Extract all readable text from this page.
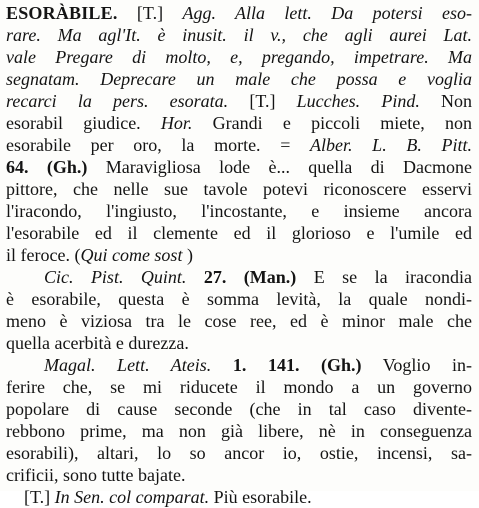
ESORÀBILE. [T.] Agg. Alla lett. Da potersi eso-
rare. Ma agl'It. è inusit. il v., che agli aurei Lat.
vale Pregare di molto, e, pregando, impetrare. Ma
segnatam. Deprecare un male che possa e voglia
recarci la pers. esorata. [T.] Lucches. Pind. Non
esorabil giudice. Hor. Grandi e piccoli miete, non
esorabile per oro, la morte. = Alber. L. B. Pitt.
64. (Gh.) Maravigliosa lode è... quella di Dacmone
pittore, che nelle sue tavole potevi riconoscere esservi
l'iracondo, l'ingiusto, l'incostante, e insieme ancora
l'esorabile ed il clemente ed il glorioso e l'umile ed
il feroce. (Qui come sost )
Cic. Pist. Quint. 27. (Man.) E se la iracondia
è esorabile, questa è somma levità, la quale nondi-
meno è viziosa tra le cose ree, ed è minor male che
quella acerbità e durezza.
Magal. Lett. Ateis. 1. 141. (Gh.) Voglio in-
ferire che, se mi riducete il mondo a un governo
popolare di cause seconde (che in tal caso divente-
rebbono prime, ma non già libere, nè in conseguenza
esorabili), altari, lo so ancor io, ostie, incensi, sa-
crificii, sono tutte bajate.
[T.] In Sen. col comparat. Più esorabile.
